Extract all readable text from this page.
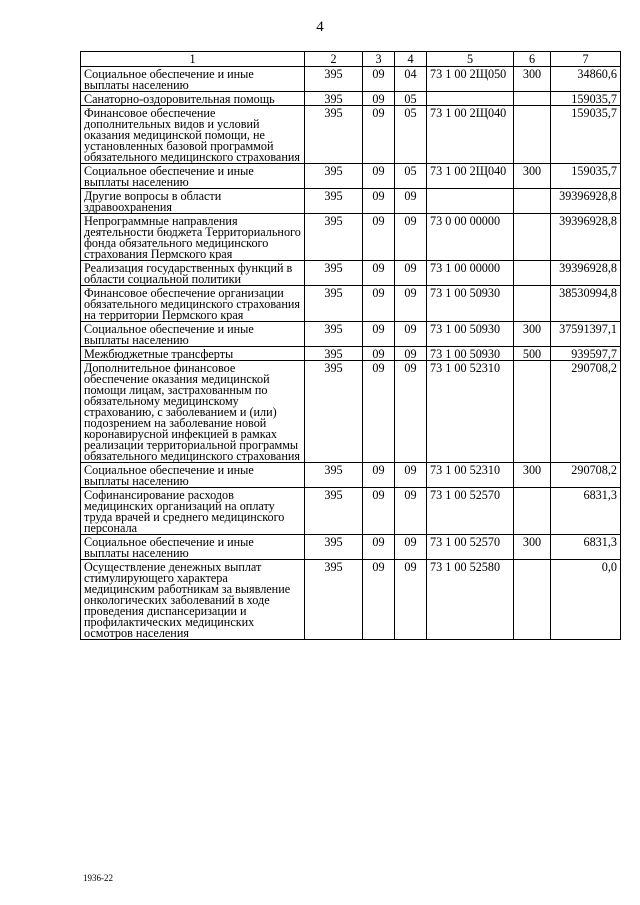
4
1	2	3	4	5	6	7
Социальное обеспечение и иные выплаты населению	395	09	04	73 1 00 2Щ050	300	34860,6
Санаторно-оздоровительная помощь	395	09	05			159035,7
Финансовое обеспечение дополнительных видов и условий оказания медицинской помощи, не установленных базовой программой обязательного медицинского страхования	395	09	05	73 1 00 2Щ040		159035,7
Социальное обеспечение и иные выплаты населению	395	09	05	73 1 00 2Щ040	300	159035,7
Другие вопросы в области здравоохранения	395	09	09			39396928,8
Непрограммные направления деятельности бюджета Территориального фонда обязательного медицинского страхования Пермского края	395	09	09	73 0 00 00000		39396928,8
Реализация государственных функций в области социальной политики	395	09	09	73 1 00 00000		39396928,8
Финансовое обеспечение организации обязательного медицинского страхования на территории Пермского края	395	09	09	73 1 00 50930		38530994,8
Социальное обеспечение и иные выплаты населению	395	09	09	73 1 00 50930	300	37591397,1
Межбюджетные трансферты	395	09	09	73 1 00 50930	500	939597,7
Дополнительное финансовое обеспечение оказания медицинской помощи лицам, застрахованным по обязательному медицинскому страхованию, с заболеванием и (или) подозрением на заболевание новой коронавирусной инфекцией в рамках реализации территориальной программы обязательного медицинского страхования	395	09	09	73 1 00 52310		290708,2
Социальное обеспечение и иные выплаты населению	395	09	09	73 1 00 52310	300	290708,2
Софинансирование расходов медицинских организаций на оплату труда врачей и среднего медицинского персонала	395	09	09	73 1 00 52570		6831,3
Социальное обеспечение и иные выплаты населению	395	09	09	73 1 00 52570	300	6831,3
Осуществление денежных выплат стимулирующего характера медицинским работникам за выявление онкологических заболеваний в ходе проведения диспансеризации и профилактических медицинских осмотров населения	395	09	09	73 1 00 52580		0,0
1936-22
